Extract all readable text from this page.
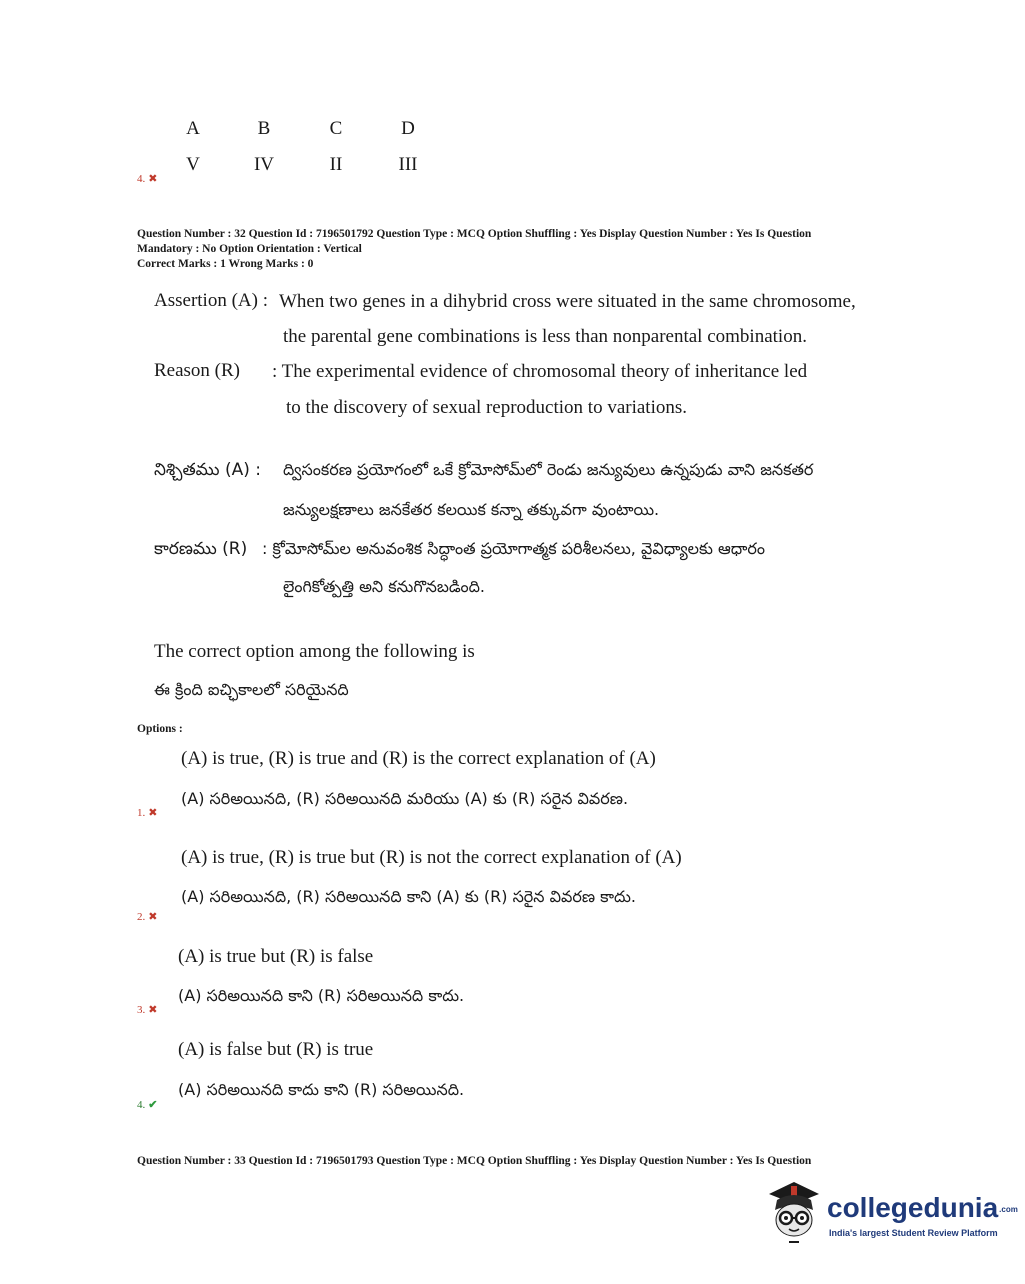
A	B	C	D
V	IV	II	III
4. ✖
Question Number : 32 Question Id : 7196501792 Question Type : MCQ Option Shuffling : Yes Display Question Number : Yes Is Question
Mandatory : No Option Orientation : Vertical
Correct Marks : 1 Wrong Marks : 0
Assertion (A) : When two genes in a dihybrid cross were situated in the same chromosome,
the parental gene combinations is less than nonparental combination.
Reason (R) : The experimental evidence of chromosomal theory of inheritance led
to the discovery of sexual reproduction to variations.
నిశ్చితము (A) : ద్విసంకరణ ప్రయోగంలో ఒకే క్రోమోసోమ్‌లో రెండు జన్యువులు ఉన్నపుడు వాని జనకతర
జన్యులక్షణాలు జనకేతర కలయిక కన్నా తక్కువగా వుంటాయి.
కారణము (R) : క్రోమోసోమ్‌ల అనువంశిక సిద్ధాంత ప్రయోగాత్మక పరిశీలనలు, వైవిధ్యాలకు ఆధారం
లైంగికోత్పత్తి అని కనుగొనబడింది.
The correct option among the following is
ఈ క్రింది ఐచ్ఛికాలలో సరియైనది
Options :
(A) is true, (R) is true and (R) is the correct explanation of (A)
(A) సరిఅయినది, (R) సరిఅయినది మరియు (A) కు (R) సరైన వివరణ.
1. ✖
(A) is true, (R) is true but (R) is not the correct explanation of (A)
(A) సరిఅయినది, (R) సరిఅయినది కాని (A) కు (R) సరైన వివరణ కాదు.
2. ✖
(A) is true but (R) is false
(A) సరిఅయినది కాని (R) సరిఅయినది కాదు.
3. ✖
(A) is false but (R) is true
(A) సరిఅయినది కాదు కాని (R) సరిఅయినది.
4. ✔
Question Number : 33 Question Id : 7196501793 Question Type : MCQ Option Shuffling : Yes Display Question Number : Yes Is Question
collegedunia.com
India's largest Student Review Platform
